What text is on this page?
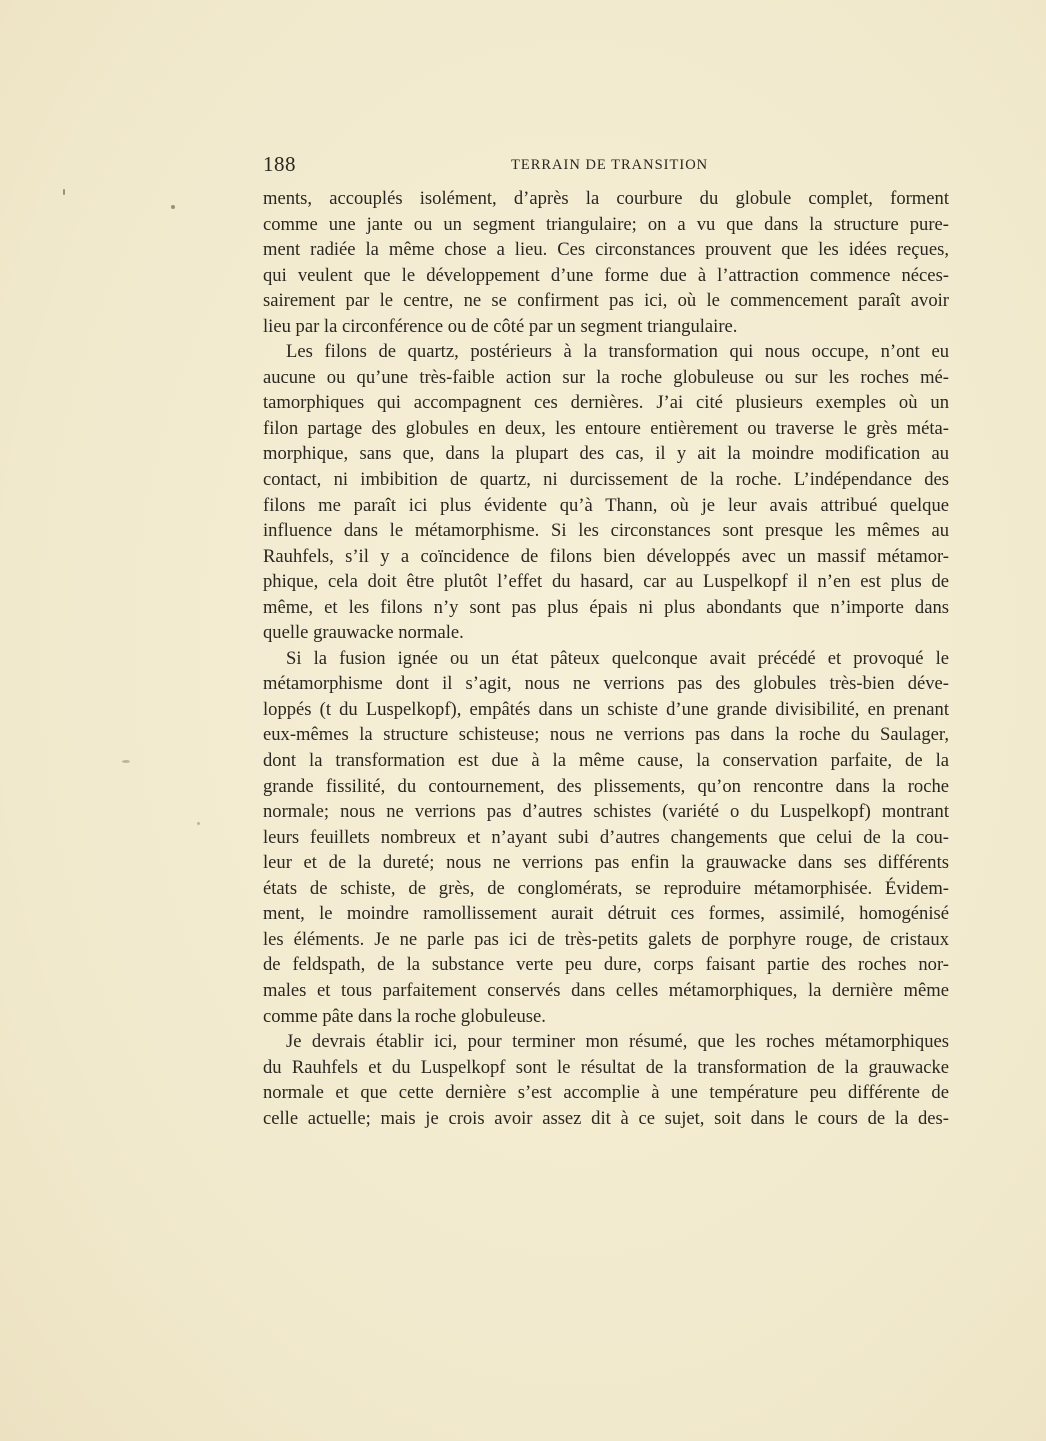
188	TERRAIN DE TRANSITION
ments, accouplés isolément, d’après la courbure du globule complet, forment
comme une jante ou un segment triangulaire; on a vu que dans la structure pure-
ment radiée la même chose a lieu. Ces circonstances prouvent que les idées reçues,
qui veulent que le développement d’une forme due à l’attraction commence néces-
sairement par le centre, ne se confirment pas ici, où le commencement paraît avoir
lieu par la circonférence ou de côté par un segment triangulaire.
Les filons de quartz, postérieurs à la transformation qui nous occupe, n’ont eu
aucune ou qu’une très-faible action sur la roche globuleuse ou sur les roches mé-
tamorphiques qui accompagnent ces dernières. J’ai cité plusieurs exemples où un
filon partage des globules en deux, les entoure entièrement ou traverse le grès méta-
morphique, sans que, dans la plupart des cas, il y ait la moindre modification au
contact, ni imbibition de quartz, ni durcissement de la roche. L’indépendance des
filons me paraît ici plus évidente qu’à Thann, où je leur avais attribué quelque
influence dans le métamorphisme. Si les circonstances sont presque les mêmes au
Rauhfels, s’il y a coïncidence de filons bien développés avec un massif métamor-
phique, cela doit être plutôt l’effet du hasard, car au Luspelkopf il n’en est plus de
même, et les filons n’y sont pas plus épais ni plus abondants que n’importe dans
quelle grauwacke normale.
Si la fusion ignée ou un état pâteux quelconque avait précédé et provoqué le
métamorphisme dont il s’agit, nous ne verrions pas des globules très-bien déve-
loppés (t du Luspelkopf), empâtés dans un schiste d’une grande divisibilité, en prenant
eux-mêmes la structure schisteuse; nous ne verrions pas dans la roche du Saulager,
dont la transformation est due à la même cause, la conservation parfaite, de la
grande fissilité, du contournement, des plissements, qu’on rencontre dans la roche
normale; nous ne verrions pas d’autres schistes (variété o du Luspelkopf) montrant
leurs feuillets nombreux et n’ayant subi d’autres changements que celui de la cou-
leur et de la dureté; nous ne verrions pas enfin la grauwacke dans ses différents
états de schiste, de grès, de conglomérats, se reproduire métamorphisée. Évidem-
ment, le moindre ramollissement aurait détruit ces formes, assimilé, homogénisé
les éléments. Je ne parle pas ici de très-petits galets de porphyre rouge, de cristaux
de feldspath, de la substance verte peu dure, corps faisant partie des roches nor-
males et tous parfaitement conservés dans celles métamorphiques, la dernière même
comme pâte dans la roche globuleuse.
Je devrais établir ici, pour terminer mon résumé, que les roches métamorphiques
du Rauhfels et du Luspelkopf sont le résultat de la transformation de la grauwacke
normale et que cette dernière s’est accomplie à une température peu différente de
celle actuelle; mais je crois avoir assez dit à ce sujet, soit dans le cours de la des-
